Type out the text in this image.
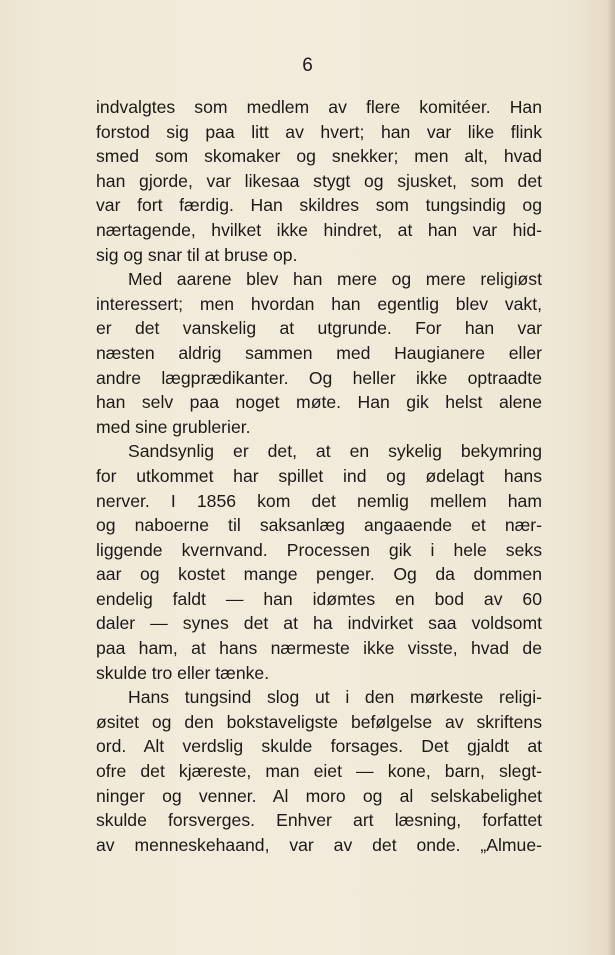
6
indvalgtes som medlem av flere komitéer. Han
forstod sig paa litt av hvert; han var like flink
smed som skomaker og snekker; men alt, hvad
han gjorde, var likesaa stygt og sjusket, som det
var fort færdig. Han skildres som tungsindig og
nærtagende, hvilket ikke hindret, at han var hid-
sig og snar til at bruse op.
Med aarene blev han mere og mere religiøst
interessert; men hvordan han egentlig blev vakt,
er det vanskelig at utgrunde. For han var
næsten aldrig sammen med Haugianere eller
andre lægprædikanter. Og heller ikke optraadte
han selv paa noget møte. Han gik helst alene
med sine grublerier.
Sandsynlig er det, at en sykelig bekymring
for utkommet har spillet ind og ødelagt hans
nerver. I 1856 kom det nemlig mellem ham
og naboerne til saksanlæg angaaende et nær-
liggende kvernvand. Processen gik i hele seks
aar og kostet mange penger. Og da dommen
endelig faldt — han idømtes en bod av 60
daler — synes det at ha indvirket saa voldsomt
paa ham, at hans nærmeste ikke visste, hvad de
skulde tro eller tænke.
Hans tungsind slog ut i den mørkeste religi-
øsitet og den bokstaveligste befølgelse av skriftens
ord. Alt verdslig skulde forsages. Det gjaldt at
ofre det kjæreste, man eiet — kone, barn, slegt-
ninger og venner. Al moro og al selskabelighet
skulde forsverges. Enhver art læsning, forfattet
av menneskehaand, var av det onde. „Almue-
